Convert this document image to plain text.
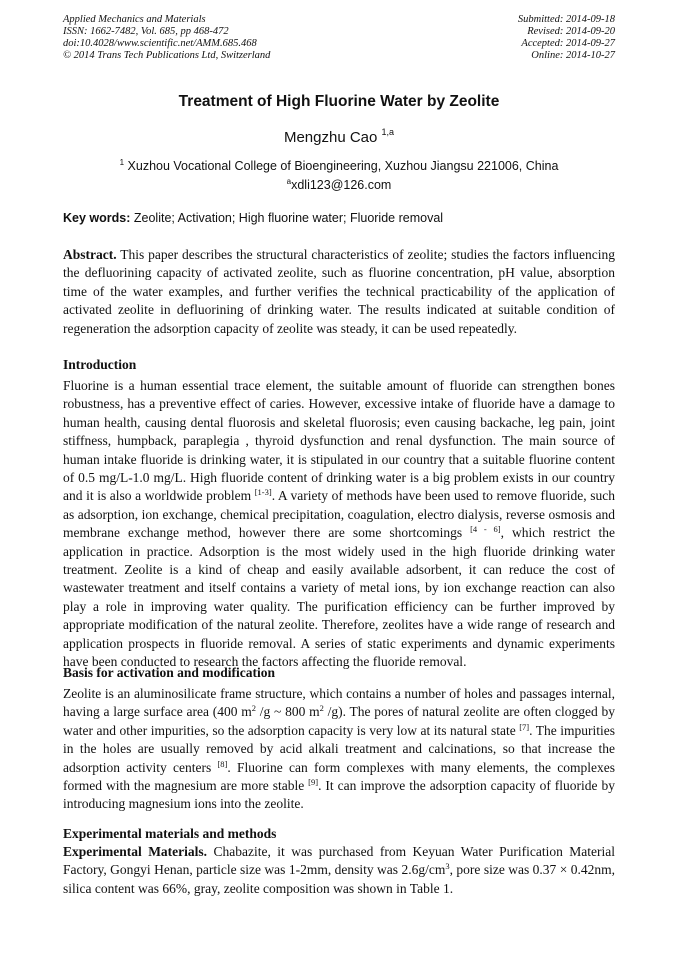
Applied Mechanics and Materials
ISSN: 1662-7482, Vol. 685, pp 468-472
doi:10.4028/www.scientific.net/AMM.685.468
© 2014 Trans Tech Publications Ltd, Switzerland
Submitted: 2014-09-18
Revised: 2014-09-20
Accepted: 2014-09-27
Online: 2014-10-27
Treatment of High Fluorine Water by Zeolite
Mengzhu Cao $^{1,a}$
$^1$ Xuzhou Vocational College of Bioengineering, Xuzhou Jiangsu 221006, China
$^a$xdli123@126.com
Key words: Zeolite; Activation; High fluorine water; Fluoride removal
Abstract. This paper describes the structural characteristics of zeolite; studies the factors influencing the defluorining capacity of activated zeolite, such as fluorine concentration, pH value, absorption time of the water examples, and further verifies the technical practicability of the application of activated zeolite in defluorining of drinking water. The results indicated at suitable condition of regeneration the adsorption capacity of zeolite was steady, it can be used repeatedly.
Introduction
Fluorine is a human essential trace element, the suitable amount of fluoride can strengthen bones robustness, has a preventive effect of caries. However, excessive intake of fluoride have a damage to human health, causing dental fluorosis and skeletal fluorosis; even causing backache, leg pain, joint stiffness, humpback, paraplegia , thyroid dysfunction and renal dysfunction. The main source of human intake fluoride is drinking water, it is stipulated in our country that a suitable fluorine content of 0.5 mg/L-1.0 mg/L. High fluoride content of drinking water is a big problem exists in our country and it is also a worldwide problem [1-3]. A variety of methods have been used to remove fluoride, such as adsorption, ion exchange, chemical precipitation, coagulation, electro dialysis, reverse osmosis and membrane exchange method, however there are some shortcomings [4 - 6], which restrict the application in practice. Adsorption is the most widely used in the high fluoride drinking water treatment. Zeolite is a kind of cheap and easily available adsorbent, it can reduce the cost of wastewater treatment and itself contains a variety of metal ions, by ion exchange reaction can also play a role in improving water quality. The purification efficiency can be further improved by appropriate modification of the natural zeolite. Therefore, zeolites have a wide range of research and application prospects in fluoride removal. A series of static experiments and dynamic experiments have been conducted to research the factors affecting the fluoride removal.
Basis for activation and modification
Zeolite is an aluminosilicate frame structure, which contains a number of holes and passages internal, having a large surface area (400 $m^2$ /g ~ 800 $m^2$ /g). The pores of natural zeolite are often clogged by water and other impurities, so the adsorption capacity is very low at its natural state [7]. The impurities in the holes are usually removed by acid alkali treatment and calcinations, so that increase the adsorption activity centers [8]. Fluorine can form complexes with many elements, the complexes formed with the magnesium are more stable [9]. It can improve the adsorption capacity of fluoride by introducing magnesium ions into the zeolite.
Experimental materials and methods
Experimental Materials. Chabazite, it was purchased from Keyuan Water Purification Material Factory, Gongyi Henan, particle size was 1-2mm, density was $2.6g/cm^3$, pore size was 0.37 × 0.42nm, silica content was 66%, gray, zeolite composition was shown in Table 1.
